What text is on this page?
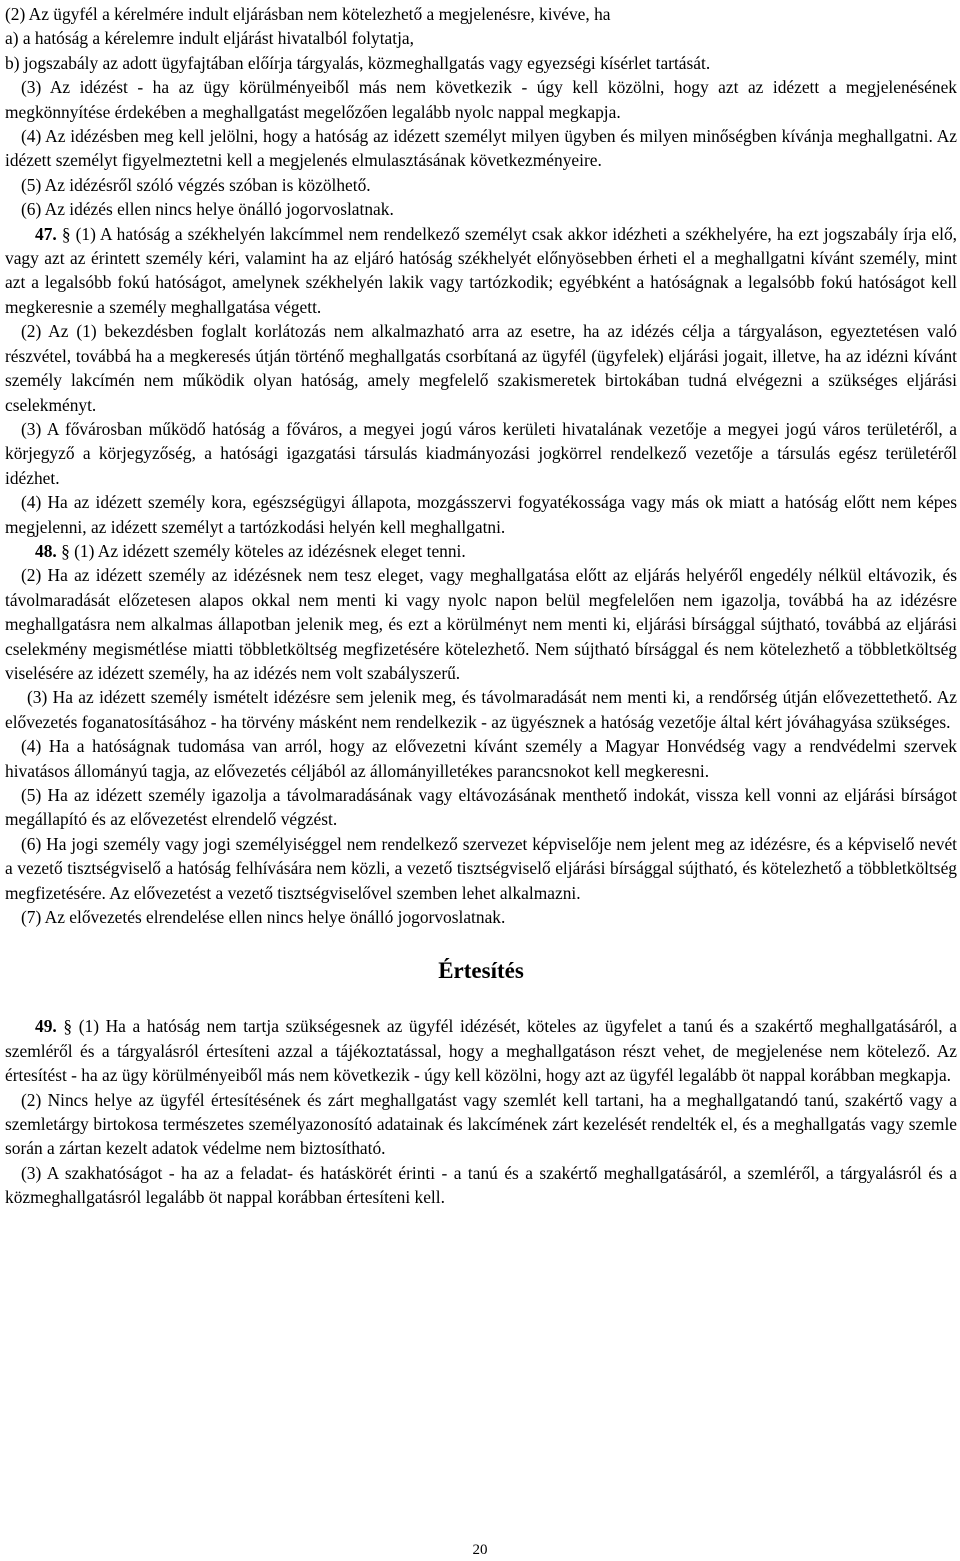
(2) Az ügyfél a kérelmére indult eljárásban nem kötelezhető a megjelenésre, kivéve, ha

a) a hatóság a kérelemre indult eljárást hivatalból folytatja,

b) jogszabály az adott ügyfajtában előírja tárgyalás, közmeghallgatás vagy egyezségi kísérlet tartását.

(3) Az idézést - ha az ügy körülményeiből más nem következik - úgy kell közölni, hogy azt az idézett a megjelenésének megkönnyítése érdekében a meghallgatást megelőzően legalább nyolc nappal megkapja.

(4) Az idézésben meg kell jelölni, hogy a hatóság az idézett személyt milyen ügyben és milyen minőségben kívánja meghallgatni. Az idézett személyt figyelmeztetni kell a megjelenés elmulasztásának következményeire.

(5) Az idézésről szóló végzés szóban is közölhető.

(6) Az idézés ellen nincs helye önálló jogorvoslatnak.

47. § (1) A hatóság a székhelyén lakcímmel nem rendelkező személyt csak akkor idézheti a székhelyére, ha ezt jogszabály írja elő, vagy azt az érintett személy kéri, valamint ha az eljáró hatóság székhelyét előnyösebben érheti el a meghallgatni kívánt személy, mint azt a legalsóbb fokú hatóságot, amelynek székhelyén lakik vagy tartózkodik; egyébként a hatóságnak a legalsóbb fokú hatóságot kell megkeresnie a személy meghallgatása végett.

(2) Az (1) bekezdésben foglalt korlátozás nem alkalmazható arra az esetre, ha az idézés célja a tárgyaláson, egyeztetésen való részvétel, továbbá ha a megkeresés útján történő meghallgatás csorbítaná az ügyfél (ügyfelek) eljárási jogait, illetve, ha az idézni kívánt személy lakcímén nem működik olyan hatóság, amely megfelelő szakismeretek birtokában tudná elvégezni a szükséges eljárási cselekményt.

(3) A fővárosban működő hatóság a főváros, a megyei jogú város kerületi hivatalának vezetője a megyei jogú város területéről, a körjegyző a körjegyzőség, a hatósági igazgatási társulás kiadmányozási jogkörrel rendelkező vezetője a társulás egész területéről idézhet.

(4) Ha az idézett személy kora, egészségügyi állapota, mozgásszervi fogyatékossága vagy más ok miatt a hatóság előtt nem képes megjelenni, az idézett személyt a tartózkodási helyén kell meghallgatni.

48. § (1) Az idézett személy köteles az idézésnek eleget tenni.

(2) Ha az idézett személy az idézésnek nem tesz eleget, vagy meghallgatása előtt az eljárás helyéről engedély nélkül eltávozik, és távolmaradását előzetesen alapos okkal nem menti ki vagy nyolc napon belül megfelelően nem igazolja, továbbá ha az idézésre meghallgatásra nem alkalmas állapotban jelenik meg, és ezt a körülményt nem menti ki, eljárási bírsággal sújtható, továbbá az eljárási cselekmény megismétlése miatti többletköltség megfizetésére kötelezhető. Nem sújtható bírsággal és nem kötelezhető a többletköltség viselésére az idézett személy, ha az idézés nem volt szabályszerű.

(3) Ha az idézett személy ismételt idézésre sem jelenik meg, és távolmaradását nem menti ki, a rendőrség útján elővezettethető. Az elővezetés foganatosításához - ha törvény másként nem rendelkezik - az ügyésznek a hatóság vezetője által kért jóváhagyása szükséges.

(4) Ha a hatóságnak tudomása van arról, hogy az elővezetni kívánt személy a Magyar Honvédség vagy a rendvédelmi szervek hivatásos állományú tagja, az elővezetés céljából az állományilletékes parancsnokot kell megkeresni.

(5) Ha az idézett személy igazolja a távolmaradásának vagy eltávozásának menthető indokát, vissza kell vonni az eljárási bírságot megállapító és az elővezetést elrendelő végzést.

(6) Ha jogi személy vagy jogi személyiséggel nem rendelkező szervezet képviselője nem jelent meg az idézésre, és a képviselő nevét a vezető tisztségviselő a hatóság felhívására nem közli, a vezető tisztségviselő eljárási bírsággal sújtható, és kötelezhető a többletköltség megfizetésére. Az elővezetést a vezető tisztségviselővel szemben lehet alkalmazni.

(7) Az elővezetés elrendelése ellen nincs helye önálló jogorvoslatnak.

Értesítés

49. § (1) Ha a hatóság nem tartja szükségesnek az ügyfél idézését, köteles az ügyfelet a tanú és a szakértő meghallgatásáról, a szemléről és a tárgyalásról értesíteni azzal a tájékoztatással, hogy a meghallgatáson részt vehet, de megjelenése nem kötelező. Az értesítést - ha az ügy körülményeiből más nem következik - úgy kell közölni, hogy azt az ügyfél legalább öt nappal korábban megkapja.

(2) Nincs helye az ügyfél értesítésének és zárt meghallgatást vagy szemlét kell tartani, ha a meghallgatandó tanú, szakértő vagy a szemletárgy birtokosa természetes személyazonosító adatainak és lakcímének zárt kezelését rendelték el, és a meghallgatás vagy szemle során a zártan kezelt adatok védelme nem biztosítható.

(3) A szakhatóságot - ha az a feladat- és hatáskörét érinti - a tanú és a szakértő meghallgatásáról, a szemléről, a tárgyalásról és a közmeghallgatásról legalább öt nappal korábban értesíteni kell.

20
